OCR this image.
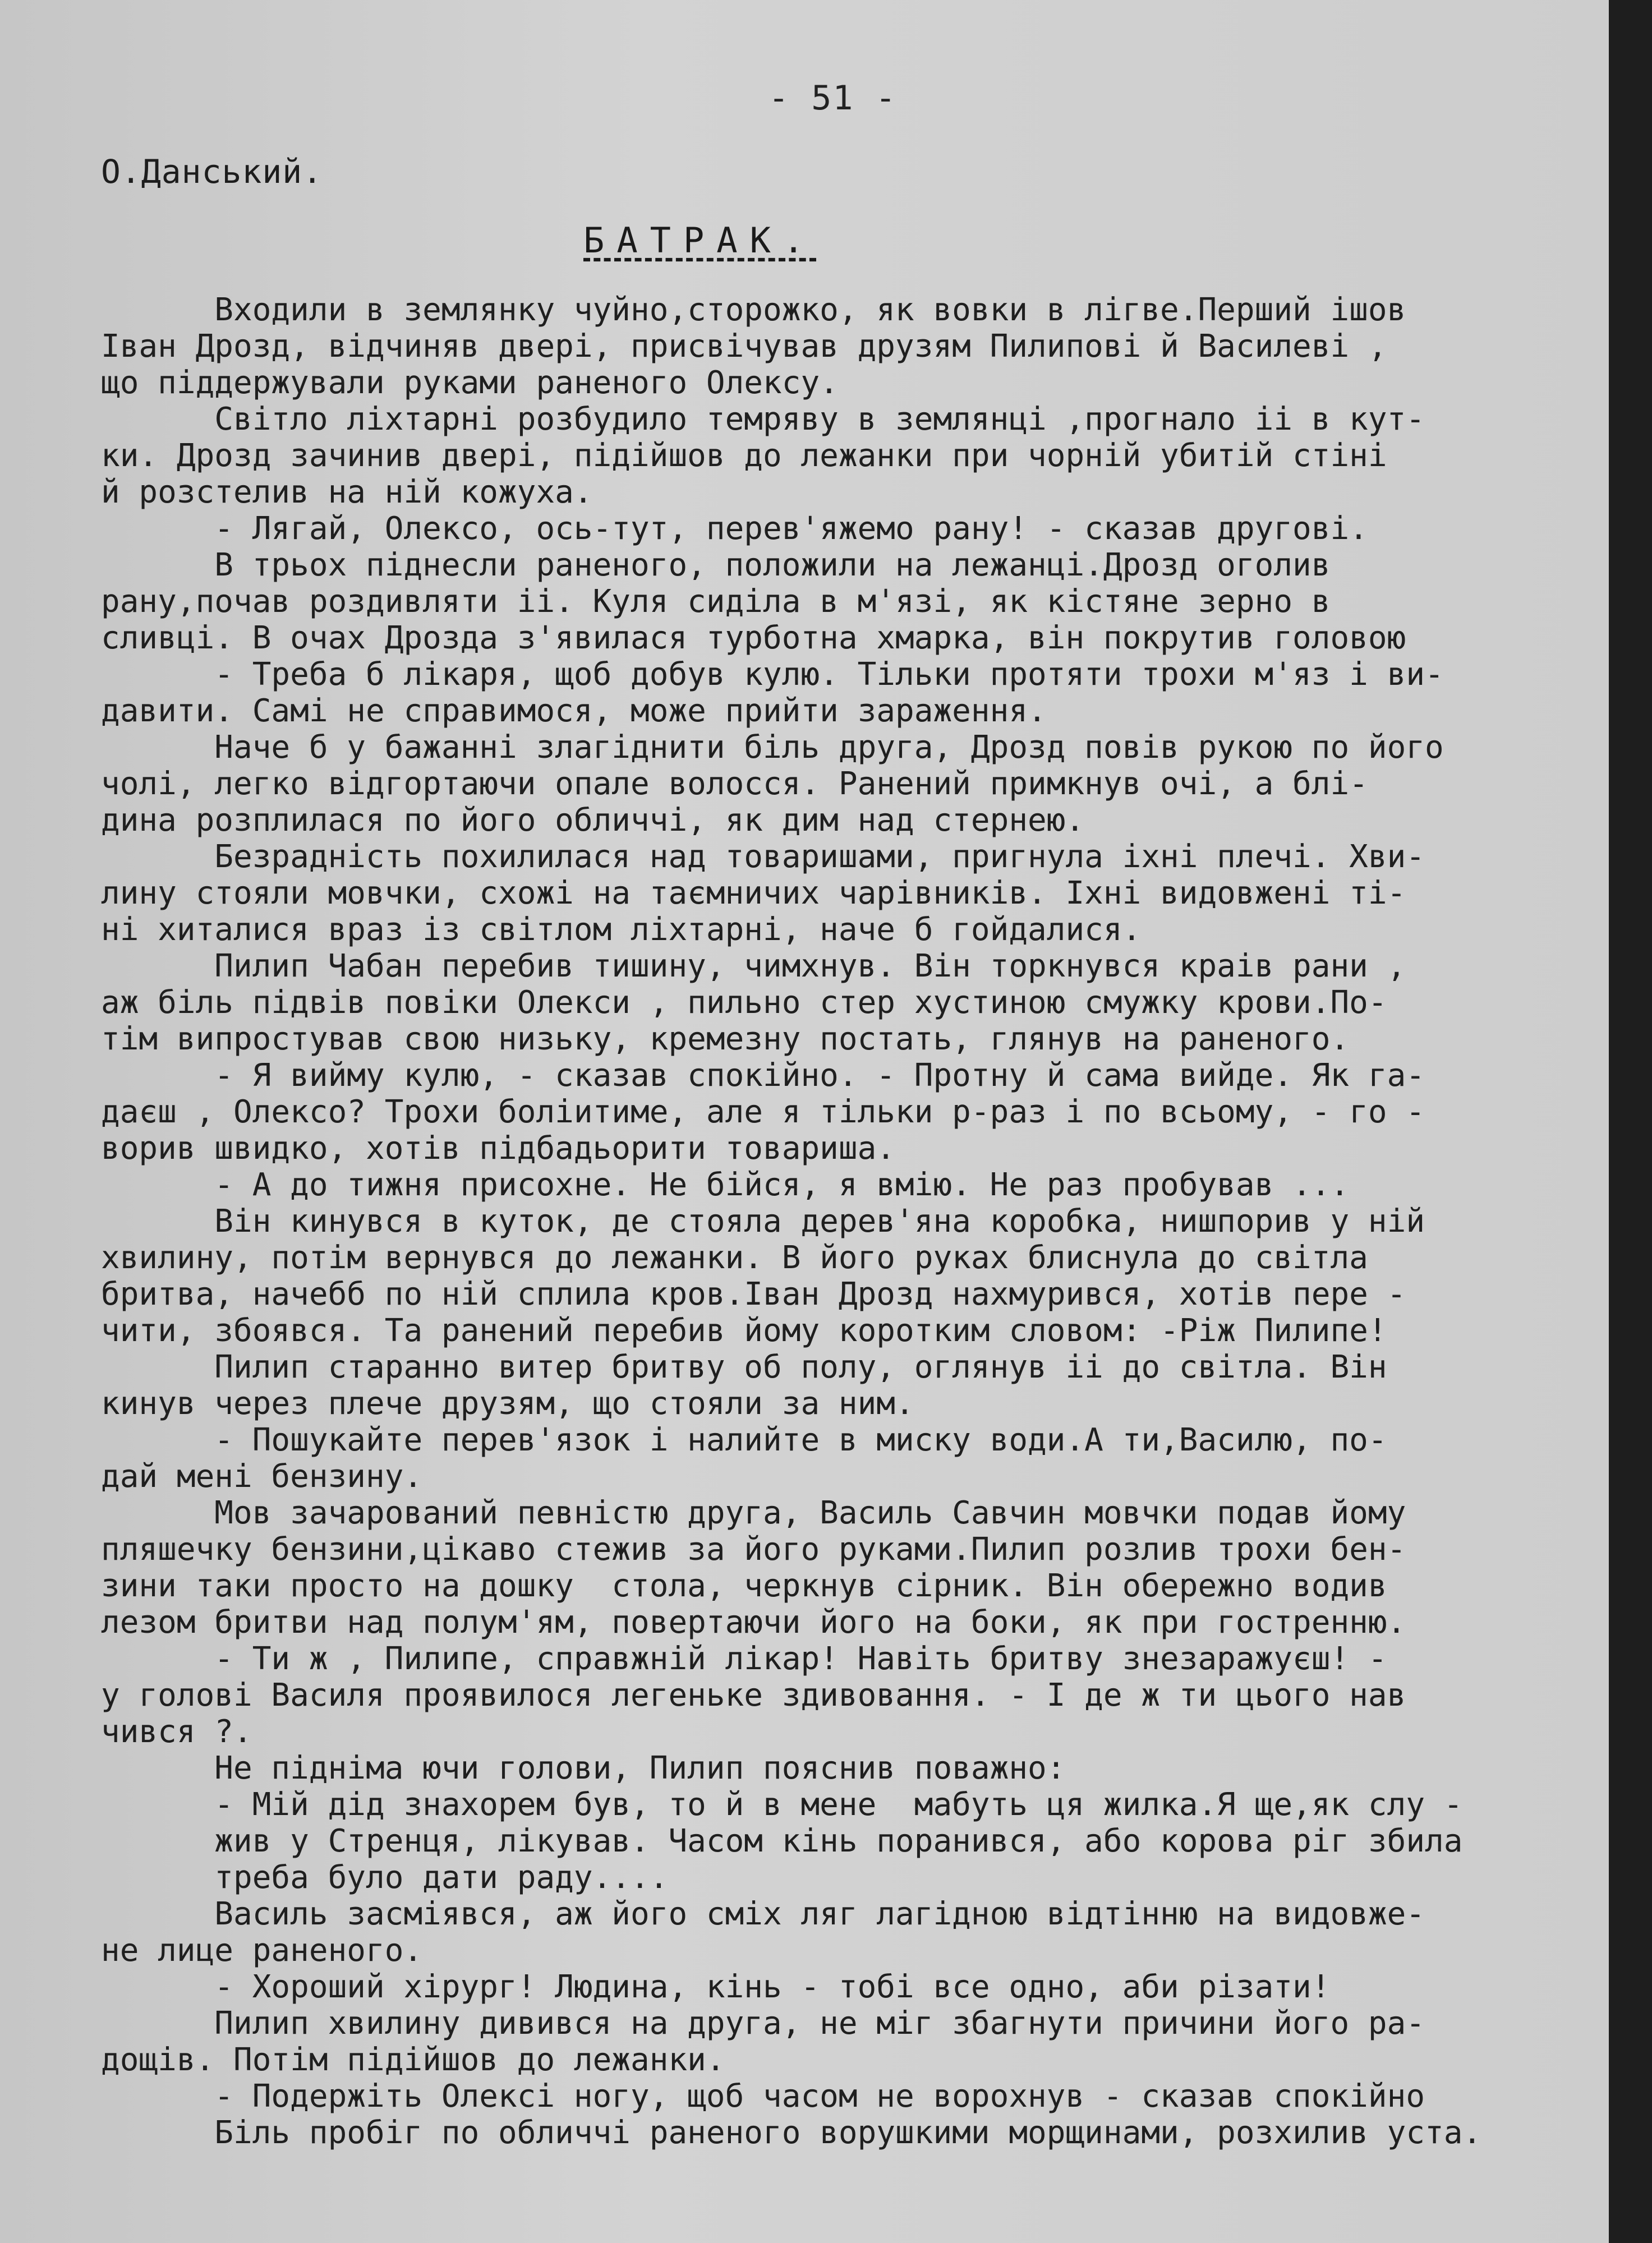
- 51 -
О.Данський.
БАТРАК.
Входили в землянку чуйно,сторожко, як вовки в лігве.Перший ішов
Іван Дрозд, відчиняв двері, присвічував друзям Пилипові й Василеві ,
що піддержували руками раненого Олексу.
Світло ліхтарні розбудило темряву в землянці ,прогнало іі в кут-
ки. Дрозд зачинив двері, підійшов до лежанки при чорній убитій стіні
й розстелив на ній кожуха.
- Лягай, Олексо, ось-тут, перев'яжемо рану! - сказав другові.
В трьох піднесли раненого, положили на лежанці.Дрозд оголив
рану,почав роздивляти іі. Куля сиділа в м'язі, як кістяне зерно в
сливці. В очах Дрозда з'явилася турботна хмарка, він покрутив головою
- Треба б лікаря, щоб добув кулю. Тільки протяти трохи м'яз і ви-
давити. Самі не справимося, може прийти зараження.
Наче б у бажанні злагіднити біль друга, Дрозд повів рукою по його
чолі, легко відгортаючи опале волосся. Ранений примкнув очі, а блі-
дина розплилася по його обличчі, як дим над стернею.
Безрадність похилилася над товаришами, пригнула іхні плечі. Хви-
лину стояли мовчки, схожі на таємничих чарівників. Іхні видовжені ті-
ні хиталися враз із світлом ліхтарні, наче б гойдалися.
Пилип Чабан перебив тишину, чимхнув. Він торкнувся краів рани ,
аж біль підвів повіки Олекси , пильно стер хустиною смужку крови.По-
тім випростував свою низьку, кремезну постать, глянув на раненого.
- Я вийму кулю, - сказав спокійно. - Протну й сама вийде. Як га-
даєш , Олексо? Трохи боліитиме, але я тільки р-раз і по всьому, - го -
ворив швидко, хотів підбадьорити товариша.
- А до тижня присохне. Не бійся, я вмію. Не раз пробував ...
Він кинувся в куток, де стояла дерев'яна коробка, нишпорив у ній
хвилину, потім вернувся до лежанки. В його руках блиснула до світла
бритва, начебб по ній сплила кров.Іван Дрозд нахмурився, хотів пере -
чити, збоявся. Та ранений перебив йому коротким словом: -Ріж Пилипе!
Пилип старанно витер бритву об полу, оглянув іі до світла. Він
кинув через плече друзям, що стояли за ним.
- Пошукайте перев'язок і налийте в миску води.А ти,Василю, по-
дай мені бензину.
Мов зачарований певністю друга, Василь Савчин мовчки подав йому
пляшечку бензини,цікаво стежив за його руками.Пилип розлив трохи бен-
зини таки просто на дошку  стола, черкнув сірник. Він обережно водив
лезом бритви над полум'ям, повертаючи його на боки, як при гостренню.
- Ти ж , Пилипе, справжній лікар! Навіть бритву знезаражуєш! -
у голові Василя проявилося легеньке здивовання. - І де ж ти цього нав
чився ?.
Не підніма ючи голови, Пилип пояснив поважно:
- Мій дід знахорем був, то й в мене  мабуть ця жилка.Я ще,як слу -
жив у Стренця, лікував. Часом кінь поранився, або корова ріг збила
треба було дати раду....
Василь засміявся, аж його сміх ляг лагідною відтінню на видовже-
не лице раненого.
- Хороший хірург! Людина, кінь - тобі все одно, аби різати!
Пилип хвилину дивився на друга, не міг збагнути причини його ра-
дощів. Потім підійшов до лежанки.
- Подержіть Олексі ногу, щоб часом не ворохнув - сказав спокійно
Біль пробіг по обличчі раненого ворушкими морщинами, розхилив уста.
